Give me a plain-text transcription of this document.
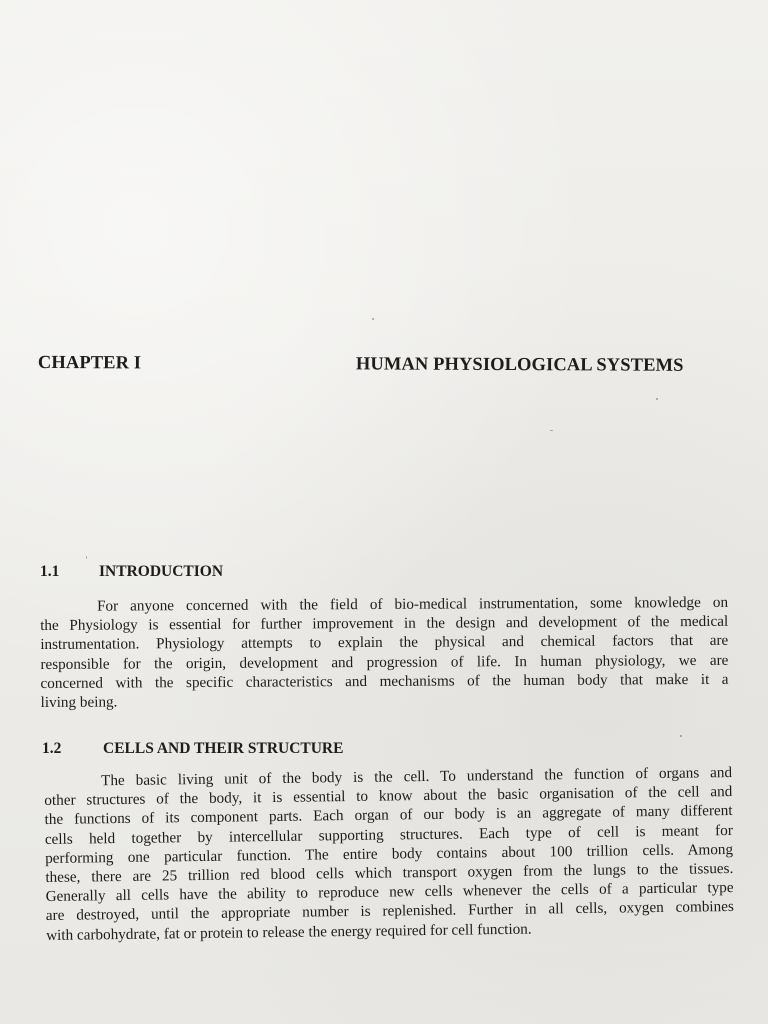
CHAPTER I	HUMAN PHYSIOLOGICAL SYSTEMS
1.1	INTRODUCTION
For anyone concerned with the field of bio-medical instrumentation, some knowledge on
the Physiology is essential for further improvement in the design and development of the medical
instrumentation. Physiology attempts to explain the physical and chemical factors that are
responsible for the origin, development and progression of life. In human physiology, we are
concerned with the specific characteristics and mechanisms of the human body that make it a
living being.
1.2	CELLS AND THEIR STRUCTURE
The basic living unit of the body is the cell. To understand the function of organs and
other structures of the body, it is essential to know about the basic organisation of the cell and
the functions of its component parts. Each organ of our body is an aggregate of many different
cells held together by intercellular supporting structures. Each type of cell is meant for
performing one particular function. The entire body contains about 100 trillion cells. Among
these, there are 25 trillion red blood cells which transport oxygen from the lungs to the tissues.
Generally all cells have the ability to reproduce new cells whenever the cells of a particular type
are destroyed, until the appropriate number is replenished. Further in all cells, oxygen combines
with carbohydrate, fat or protein to release the energy required for cell function.
